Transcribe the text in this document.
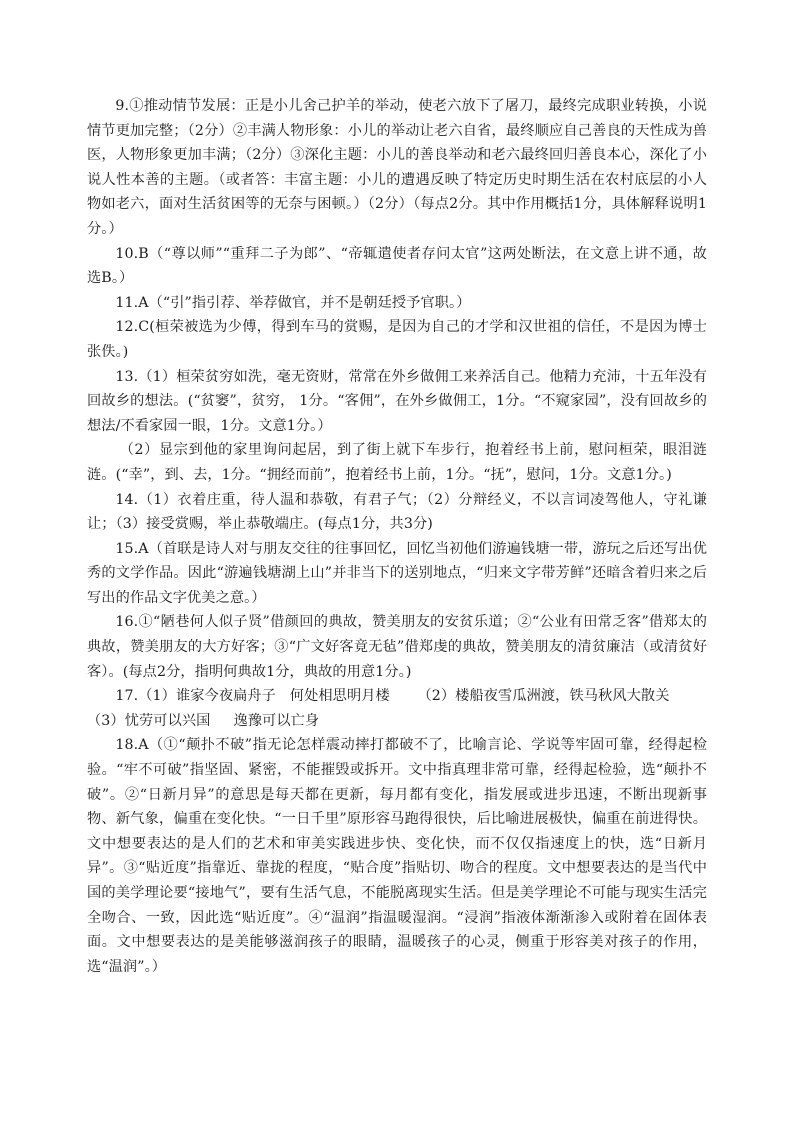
9.①推动情节发展：正是小儿舍己护羊的举动，使老六放下了屠刀，最终完成职业转换，小说情节更加完整；（2分）②丰满人物形象：小儿的举动让老六自省，最终顺应自己善良的天性成为兽医，人物形象更加丰满；（2分）③深化主题：小儿的善良举动和老六最终回归善良本心，深化了小说人性本善的主题。（或者答：丰富主题：小儿的遭遇反映了特定历史时期生活在农村底层的小人物如老六，面对生活贫困等的无奈与困顿。）（2分）（每点2分。其中作用概括1分，具体解释说明1分。）

10.B（“尊以师”“重拜二子为郎”、“帝辄遣使者存问太官”这两处断法，在文意上讲不通，故选B。）

11.A（“引”指引荐、举荐做官，并不是朝廷授予官职。）

12.C(桓荣被选为少傅，得到车马的赏赐，是因为自己的才学和汉世祖的信任，不是因为博士张佚。)

13.（1）桓荣贫穷如洗，毫无资财，常常在外乡做佣工来养活自己。他精力充沛，十五年没有回故乡的想法。(“贫窭”，贫穷， 1分。“客佣”，在外乡做佣工，1分。“不窥家园”，没有回故乡的想法/不看家园一眼，1分。文意1分。）

（2）显宗到他的家里询问起居，到了街上就下车步行，抱着经书上前，慰问桓荣，眼泪涟涟。(“幸”，到、去，1分。“拥经而前”，抱着经书上前，1分。“抚”，慰问，1分。文意1分。)

14.（1）衣着庄重，待人温和恭敬，有君子气；（2）分辩经义，不以言词凌驾他人，守礼谦让；（3）接受赏赐，举止恭敬端庄。(每点1分，共3分)

15.A（首联是诗人对与朋友交往的往事回忆，回忆当初他们游遍钱塘一带，游玩之后还写出优秀的文学作品。因此“游遍钱塘湖上山”并非当下的送别地点，“归来文字带芳鲜”还暗含着归来之后写出的作品文字优美之意。）

16.①“陋巷何人似子贤”借颜回的典故，赞美朋友的安贫乐道；②“公业有田常乏客”借郑太的典故，赞美朋友的大方好客；③“广文好客竟无毡”借郑虔的典故，赞美朋友的清贫廉洁（或清贫好客）。(每点2分，指明何典故1分，典故的用意1分。)

17.（1）谁家今夜扁舟子   何处相思明月楼      （2）楼船夜雪瓜洲渡，铁马秋风大散关

（3）忧劳可以兴国     逸豫可以亡身

18.A（①“颠扑不破”指无论怎样震动摔打都破不了，比喻言论、学说等牢固可靠，经得起检验。“牢不可破”指坚固、紧密，不能摧毁或拆开。文中指真理非常可靠，经得起检验，选“颠扑不破”。②“日新月异”的意思是每天都在更新，每月都有变化，指发展或进步迅速，不断出现新事物、新气象，偏重在变化快。“一日千里”原形容马跑得很快，后比喻进展极快，偏重在前进得快。文中想要表达的是人们的艺术和审美实践进步快、变化快，而不仅仅指速度上的快，选“日新月异”。③“贴近度”指靠近、靠拢的程度，“贴合度”指贴切、吻合的程度。文中想要表达的是当代中国的美学理论要“接地气”，要有生活气息，不能脱离现实生活。但是美学理论不可能与现实生活完全吻合、一致，因此选“贴近度”。④“温润”指温暖湿润。“浸润”指液体渐渐渗入或附着在固体表面。文中想要表达的是美能够滋润孩子的眼睛，温暖孩子的心灵，侧重于形容美对孩子的作用，选“温润”。）
